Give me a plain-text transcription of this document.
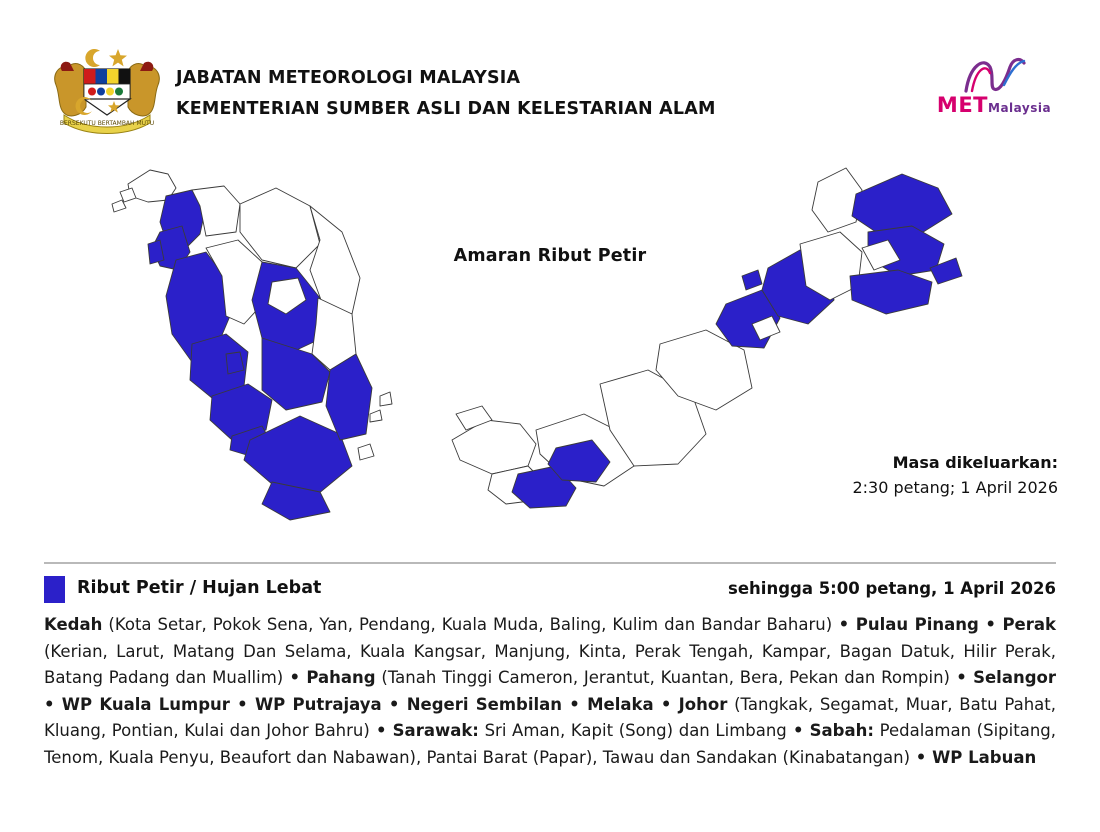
BERSEKUTU BERTAMBAH MUTU
JABATAN METEOROLOGI MALAYSIA
KEMENTERIAN SUMBER ASLI DAN KELESTARIAN ALAM	METMalaysia
Amaran Ribut Petir
Masa dikeluarkan:
2:30 petang; 1 April 2026
Ribut Petir / Hujan Lebat	sehingga 5:00 petang, 1 April 2026
Kedah (Kota Setar, Pokok Sena, Yan, Pendang, Kuala Muda, Baling, Kulim dan Bandar Baharu) • Pulau Pinang • Perak (Kerian, Larut, Matang Dan Selama, Kuala Kangsar, Manjung, Kinta, Perak Tengah, Kampar, Bagan Datuk, Hilir Perak, Batang Padang dan Muallim) • Pahang (Tanah Tinggi Cameron, Jerantut, Kuantan, Bera, Pekan dan Rompin) • Selangor • WP Kuala Lumpur • WP Putrajaya • Negeri Sembilan • Melaka • Johor (Tangkak, Segamat, Muar, Batu Pahat, Kluang, Pontian, Kulai dan Johor Bahru) • Sarawak: Sri Aman, Kapit (Song) dan Limbang • Sabah: Pedalaman (Sipitang, Tenom, Kuala Penyu, Beaufort dan Nabawan), Pantai Barat (Papar), Tawau dan Sandakan (Kinabatangan) • WP Labuan
